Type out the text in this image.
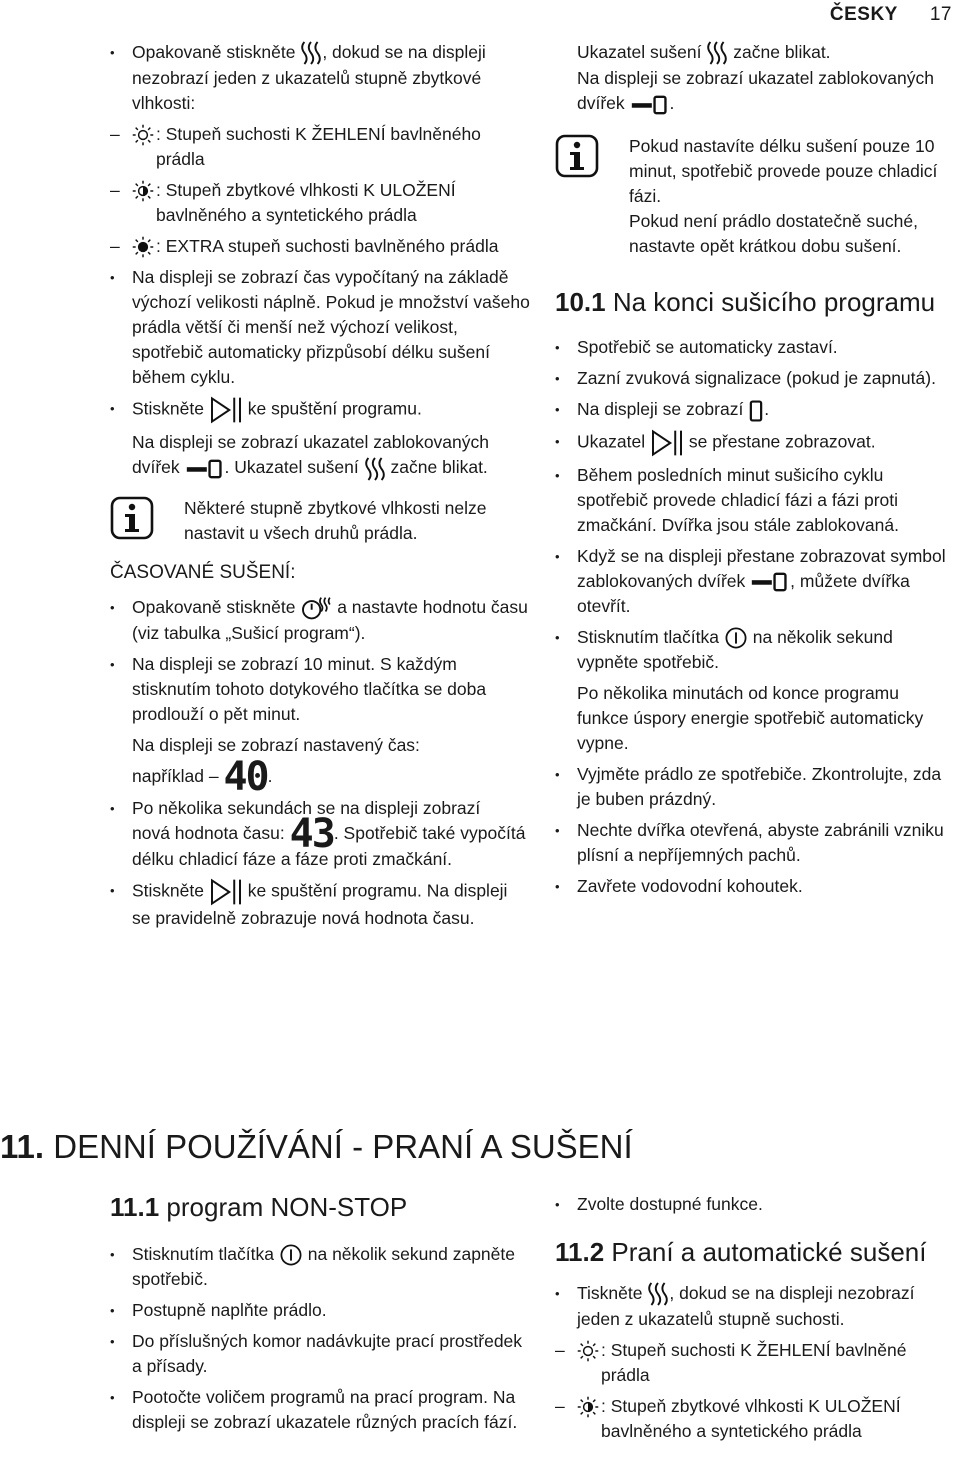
ČESKY 17

• Opakovaně stiskněte , dokud se na displeji nezobrazí jeden z ukazatelů stupně zbytkové vlhkosti:

– : Stupeň suchosti K ŽEHLENÍ bavlněného prádla

– : Stupeň zbytkové vlhkosti K ULOŽENÍ bavlněného a syntetického prádla

– : EXTRA stupeň suchosti bavlněného prádla

• Na displeji se zobrazí čas vypočítaný na základě výchozí velikosti náplně. Pokud je množství vašeho prádla větší či menší než výchozí velikost, spotřebič automaticky přizpůsobí délku sušení během cyklu.

• Stiskněte	ke spuštění programu.

Na displeji se zobrazí ukazatel zablokovaných dvířek	. Ukazatel sušení začne blikat.

Některé stupně zbytkové vlhkosti nelze nastavit u všech druhů prádla.

ČASOVANÉ SUŠENÍ:

• Opakovaně stiskněte a nastavte hodnotu času (viz tabulka „Sušicí program“).

• Na displeji se zobrazí 10 minut. S každým stisknutím tohoto dotykového tlačítka se doba prodlouží o pět minut.

Na displeji se zobrazí nastavený čas:

například – 40.

• Po několika sekundách se na displeji zobrazí

nová hodnota času: 43. Spotřebič také vypočítá délku chladicí fáze a fáze proti zmačkání.

• Stiskněte	ke spuštění programu. Na displeji se pravidelně zobrazuje nová hodnota času.

Ukazatel sušení začne blikat.

Na displeji se zobrazí ukazatel zablokovaných dvířek	.

Pokud nastavíte délku sušení pouze 10 minut, spotřebič provede pouze chladicí fázi.
Pokud není prádlo dostatečně suché, nastavte opět krátkou dobu sušení.
10.1 Na konci sušicího programu

• Spotřebič se automaticky zastaví.

• Zazní zvuková signalizace (pokud je zapnutá).

• Na displeji se zobrazí .

• Ukazatel	se přestane zobrazovat.

• Během posledních minut sušicího cyklu spotřebič provede chladicí fázi a fázi proti zmačkání. Dvířka jsou stále zablokovaná.

• Když se na displeji přestane zobrazovat symbol zablokovaných dvířek	, můžete dvířka otevřít.

• Stisknutím tlačítka na několik sekund vypněte spotřebič.

Po několika minutách od konce programu funkce úspory energie spotřebič automaticky vypne.

• Vyjměte prádlo ze spotřebiče. Zkontrolujte, zda je buben prázdný.

• Nechte dvířka otevřená, abyste zabránili vzniku plísní a nepříjemných pachů.

• Zavřete vodovodní kohoutek.

11. DENNÍ POUŽÍVÁNÍ - PRANÍ A SUŠENÍ
11.1 program NON-STOP

• Stisknutím tlačítka na několik sekund zapněte spotřebič.

• Postupně naplňte prádlo.

• Do příslušných komor nadávkujte prací prostředek a přísady.

• Pootočte voličem programů na prací program. Na displeji se zobrazí ukazatele různých pracích fází.

• Zvolte dostupné funkce.

11.2 Praní a automatické sušení

• Tiskněte , dokud se na displeji nezobrazí jeden z ukazatelů stupně suchosti.

– : Stupeň suchosti K ŽEHLENÍ bavlněné prádla

– : Stupeň zbytkové vlhkosti K ULOŽENÍ bavlněného a syntetického prádla
